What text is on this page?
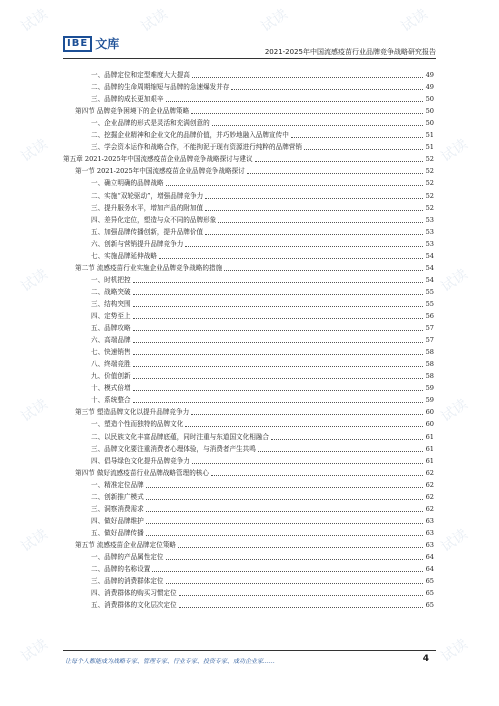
试读	试读	试读	试读
试读	试读
试读	试读
试读	试读
试读	试读
试读	试读
IBE 文库
2021-2025年中国流感疫苗行业品牌竞争战略研究报告
一、品牌定位和定型难度大大提高	49
二、品牌的生命周期缩短与品牌的急速爆发并存	49
三、品牌的成长更加艰辛	50
第四节 品牌竞争困境下的企业品牌策略	50
一、企业品牌的形式是灵活和充满创意的	50
二、挖掘企业精神和企业文化的品牌价值，并巧妙地融入品牌宣传中	51
三、学会资本运作和战略合作，不能拘泥于现有资源进行纯粹的品牌营销	51
第五章 2021-2025年中国流感疫苗企业品牌竞争战略探讨与建议	52
第一节 2021-2025年中国流感疫苗企业品牌竞争战略探讨	52
一、确立明确的品牌战略	52
二、实施“双轮驱动”，增强品牌竞争力	52
三、提升服务水平，增加产品的附加值	52
四、差异化定位，塑造与众不同的品牌形象	53
五、加强品牌传播创新，提升品牌价值	53
六、创新与营销提升品牌竞争力	53
七、实施品牌延伸战略	54
第二节 流感疫苗行业实施企业品牌竞争战略的措施	54
一、时机把控	54
二、战略突破	55
三、结构突围	55
四、定势至上	56
五、品牌攻略	57
六、高端品牌	57
七、快速销售	58
八、终端竞胜	58
九、价值创新	58
十、模式倍增	59
十、系统整合	59
第三节 塑造品牌文化以提升品牌竞争力	60
一、塑造个性而独特的品牌文化	60
二、以民族文化丰富品牌底蕴，同时注重与东道国文化相融合	61
三、品牌文化要注重消费者心理体验，与消费者产生共鸣	61
四、倡导绿色文化提升品牌竞争力	61
第四节 做好流感疫苗行业品牌战略管理的核心	62
一、精准定位品牌	62
二、创新推广模式	62
三、洞察消费需求	62
四、做好品牌维护	63
五、做好品牌传播	63
第五节 流感疫苗企业品牌定位策略	63
一、品牌的产品属性定位	64
二、品牌的名称设置	64
三、品牌的消费群体定位	65
四、消费群体的购买习惯定位	65
五、消费群体的文化层次定位	65
让每个人都能成为战略专家、管理专家、行业专家、投资专家、成功企业家……	4
